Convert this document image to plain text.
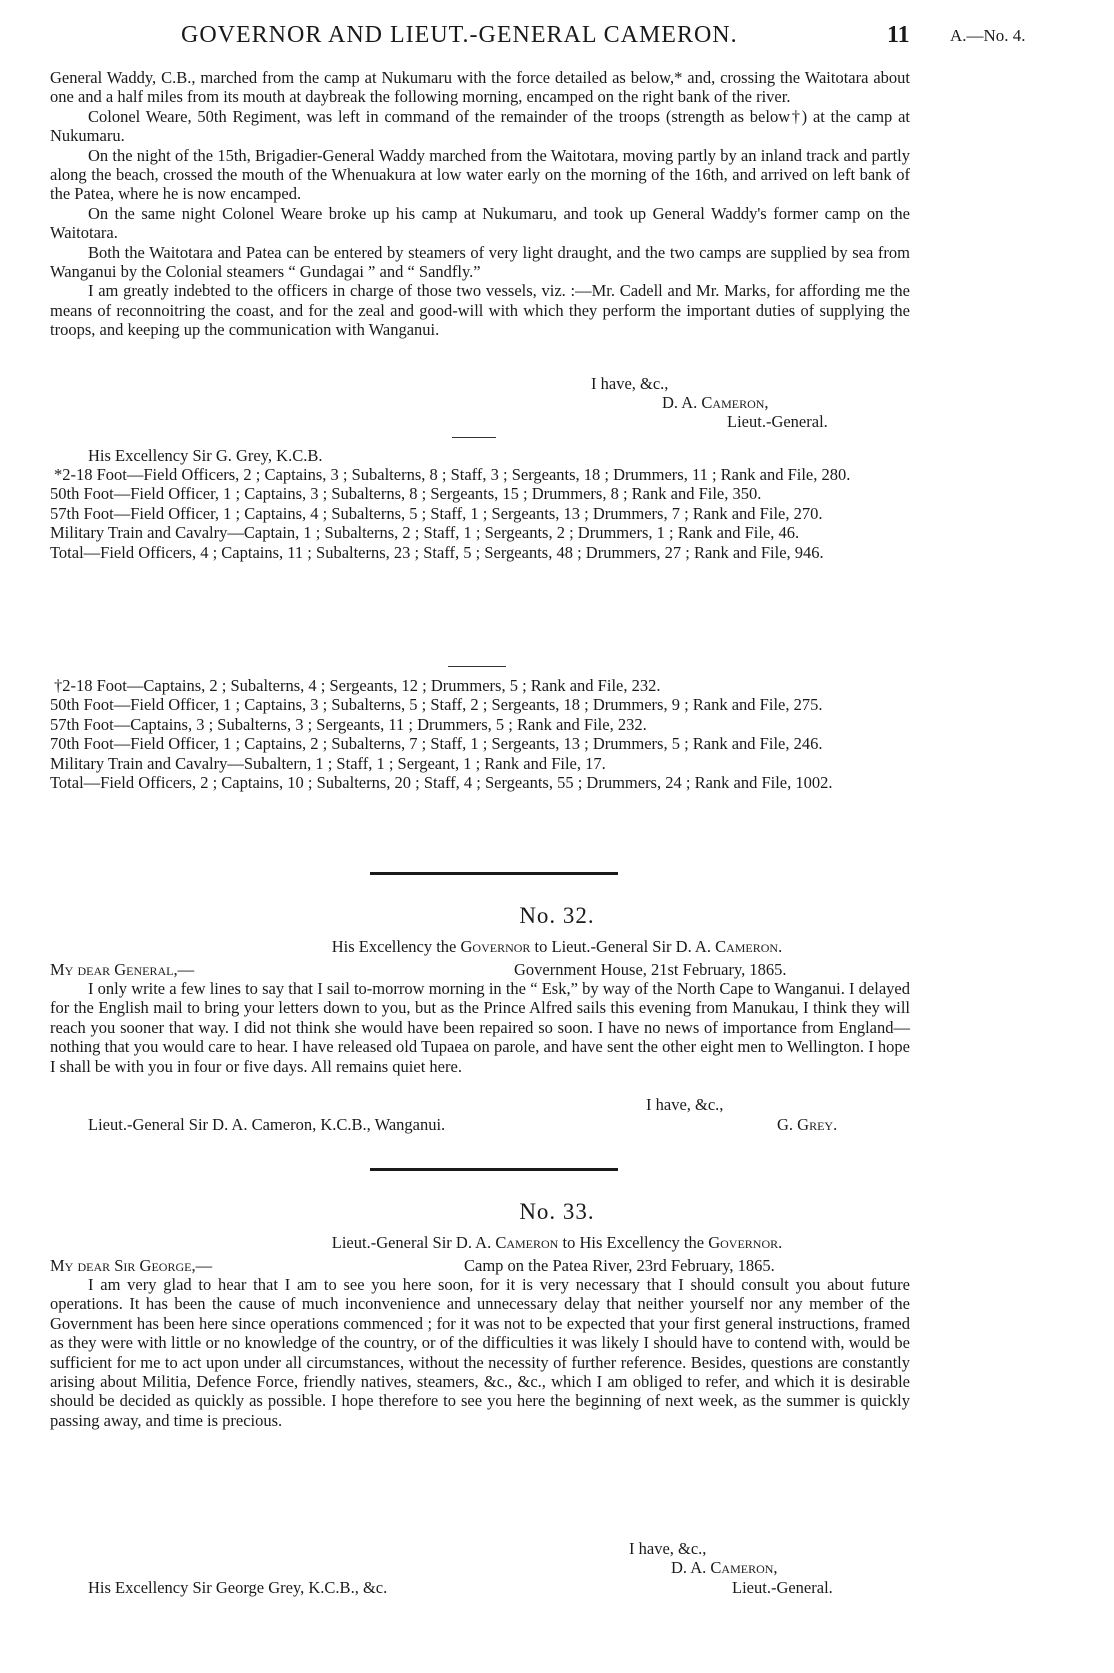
GOVERNOR AND LIEUT.-GENERAL CAMERON.	11 A.—No. 4.

General Waddy, C.B., marched from the camp at Nukumaru with the force detailed as below,* and, crossing the Waitotara about one and a half miles from its mouth at daybreak the following morning, encamped on the right bank of the river.

Colonel Weare, 50th Regiment, was left in command of the remainder of the troops (strength as below†) at the camp at Nukumaru.

On the night of the 15th, Brigadier-General Waddy marched from the Waitotara, moving partly by an inland track and partly along the beach, crossed the mouth of the Whenuakura at low water early on the morning of the 16th, and arrived on left bank of the Patea, where he is now encamped.

On the same night Colonel Weare broke up his camp at Nukumaru, and took up General Waddy's former camp on the Waitotara.

Both the Waitotara and Patea can be entered by steamers of very light draught, and the two camps are supplied by sea from Wanganui by the Colonial steamers “ Gundagai ” and “ Sandfly.”

I am greatly indebted to the officers in charge of those two vessels, viz. :—Mr. Cadell and Mr. Marks, for affording me the means of reconnoitring the coast, and for the zeal and good-will with which they perform the important duties of supplying the troops, and keeping up the communication with Wanganui.

I have, &c.,
D. A. Cameron,
Lieut.-General.
His Excellency Sir G. Grey, K.C.B.
*2-18 Foot—Field Officers, 2 ; Captains, 3 ; Subalterns, 8 ; Staff, 3 ; Sergeants, 18 ; Drummers, 11 ; Rank and File, 280.
50th Foot—Field Officer, 1 ; Captains, 3 ; Subalterns, 8 ; Sergeants, 15 ; Drummers, 8 ; Rank and File, 350.
57th Foot—Field Officer, 1 ; Captains, 4 ; Subalterns, 5 ; Staff, 1 ; Sergeants, 13 ; Drummers, 7 ; Rank and File, 270.
Military Train and Cavalry—Captain, 1 ; Subalterns, 2 ; Staff, 1 ; Sergeants, 2 ; Drummers, 1 ; Rank and File, 46.
Total—Field Officers, 4 ; Captains, 11 ; Subalterns, 23 ; Staff, 5 ; Sergeants, 48 ; Drummers, 27 ; Rank and File, 946.
†2-18 Foot—Captains, 2 ; Subalterns, 4 ; Sergeants, 12 ; Drummers, 5 ; Rank and File, 232.
50th Foot—Field Officer, 1 ; Captains, 3 ; Subalterns, 5 ; Staff, 2 ; Sergeants, 18 ; Drummers, 9 ; Rank and File, 275.
57th Foot—Captains, 3 ; Subalterns, 3 ; Sergeants, 11 ; Drummers, 5 ; Rank and File, 232.
70th Foot—Field Officer, 1 ; Captains, 2 ; Subalterns, 7 ; Staff, 1 ; Sergeants, 13 ; Drummers, 5 ; Rank and File, 246.
Military Train and Cavalry—Subaltern, 1 ; Staff, 1 ; Sergeant, 1 ; Rank and File, 17.
Total—Field Officers, 2 ; Captains, 10 ; Subalterns, 20 ; Staff, 4 ; Sergeants, 55 ; Drummers, 24 ; Rank and File, 1002.
No. 32.
His Excellency the Governor to Lieut.-General Sir D. A. Cameron.
My dear General,—	Government House, 21st February, 1865.

I only write a few lines to say that I sail to-morrow morning in the “ Esk,” by way of the North Cape to Wanganui. I delayed for the English mail to bring your letters down to you, but as the Prince Alfred sails this evening from Manukau, I think they will reach you sooner that way. I did not think she would have been repaired so soon. I have no news of importance from England—nothing that you would care to hear. I have released old Tupaea on parole, and have sent the other eight men to Wellington. I hope I shall be with you in four or five days. All remains quiet here.

I have, &c.,
Lieut.-General Sir D. A. Cameron, K.C.B., Wanganui.	G. Grey.
No. 33.
Lieut.-General Sir D. A. Cameron to His Excellency the Governor.
My dear Sir George,—	Camp on the Patea River, 23rd February, 1865.

I am very glad to hear that I am to see you here soon, for it is very necessary that I should consult you about future operations. It has been the cause of much inconvenience and unnecessary delay that neither yourself nor any member of the Government has been here since operations commenced ; for it was not to be expected that your first general instructions, framed as they were with little or no knowledge of the country, or of the difficulties it was likely I should have to contend with, would be sufficient for me to act upon under all circumstances, without the necessity of further reference. Besides, questions are constantly arising about Militia, Defence Force, friendly natives, steamers, &c., &c., which I am obliged to refer, and which it is desirable should be decided as quickly as possible. I hope therefore to see you here the beginning of next week, as the summer is quickly passing away, and time is precious.

I have, &c.,
D. A. Cameron,
His Excellency Sir George Grey, K.C.B., &c.	Lieut.-General.
